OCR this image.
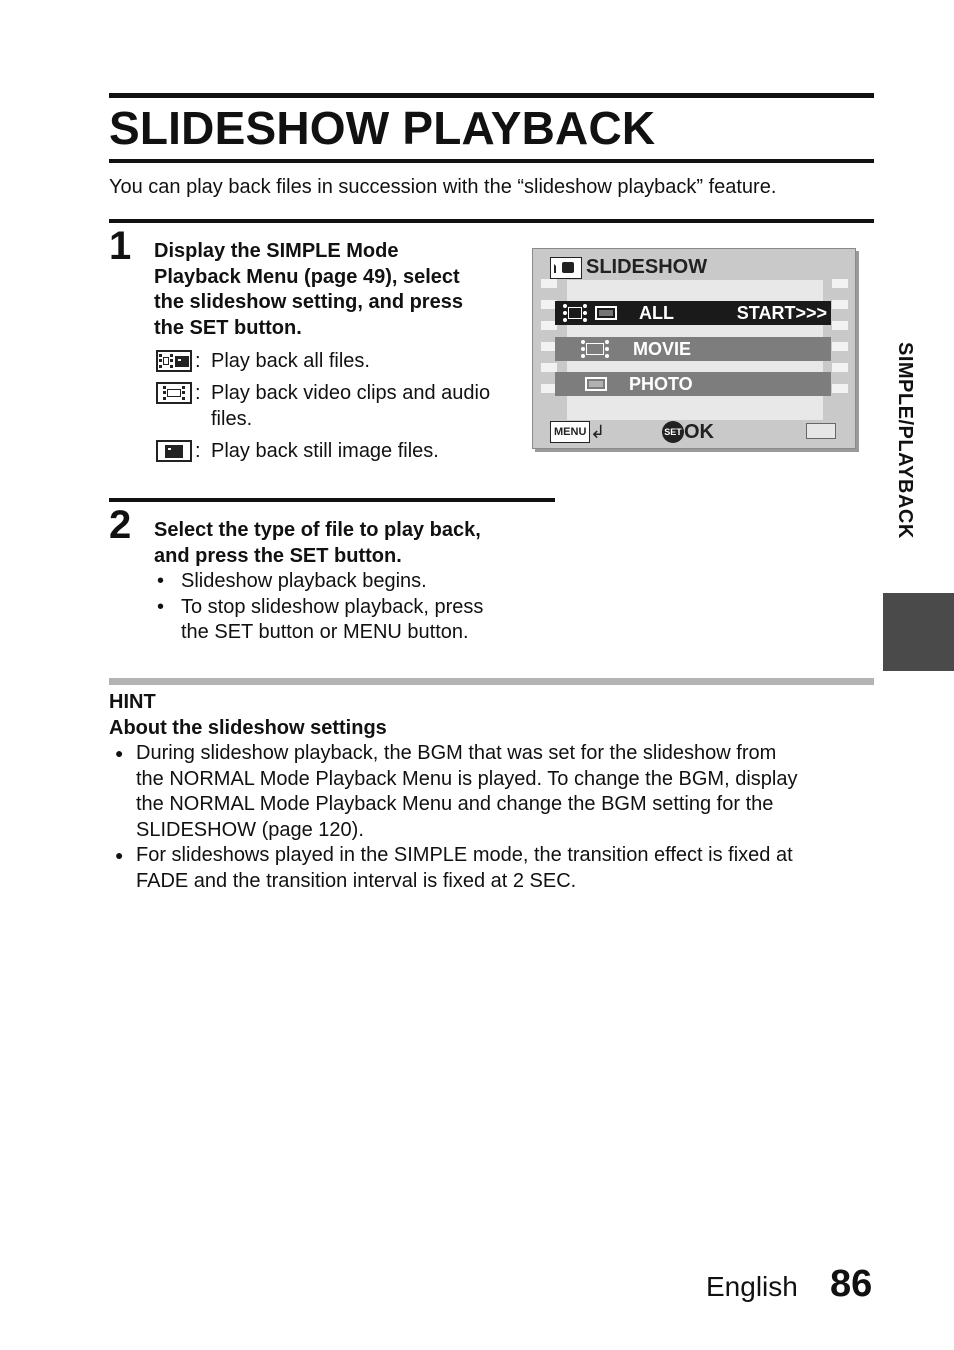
SLIDESHOW PLAYBACK
You can play back files in succession with the “slideshow playback” feature.
1 Display the SIMPLE Mode
Playback Menu (page 49), select
the slideshow setting, and press
the SET button.
: Play back all files.
: Play back video clips and audio
files.
: Play back still image files.
SLIDESHOW
ALL	START>>>
MOVIE
PHOTO
MENU ↲	SET OK
2 Select the type of file to play back,
and press the SET button.
• Slideshow playback begins.
• To stop slideshow playback, press
the SET button or MENU button.
HINT
About the slideshow settings
● During slideshow playback, the BGM that was set for the slideshow from
the NORMAL Mode Playback Menu is played. To change the BGM, display
the NORMAL Mode Playback Menu and change the BGM setting for the
SLIDESHOW (page 120).
● For slideshows played in the SIMPLE mode, the transition effect is fixed at
FADE and the transition interval is fixed at 2 SEC.
SIMPLE/PLAYBACK
English 86
